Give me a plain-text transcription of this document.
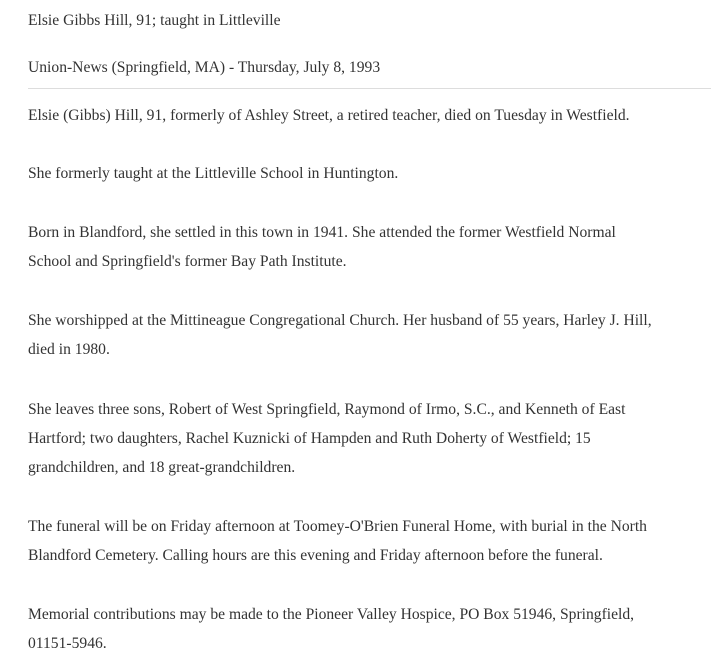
Elsie Gibbs Hill, 91; taught in Littleville
Union-News (Springfield, MA) - Thursday, July 8, 1993

Elsie (Gibbs) Hill, 91, formerly of Ashley Street, a retired teacher, died on Tuesday in Westfield.

She formerly taught at the Littleville School in Huntington.

Born in Blandford, she settled in this town in 1941. She attended the former Westfield Normal
School and Springfield's former Bay Path Institute.

She worshipped at the Mittineague Congregational Church. Her husband of 55 years, Harley J. Hill,
died in 1980.

She leaves three sons, Robert of West Springfield, Raymond of Irmo, S.C., and Kenneth of East
Hartford; two daughters, Rachel Kuznicki of Hampden and Ruth Doherty of Westfield; 15
grandchildren, and 18 great-grandchildren.

The funeral will be on Friday afternoon at Toomey-O'Brien Funeral Home, with burial in the North
Blandford Cemetery. Calling hours are this evening and Friday afternoon before the funeral.

Memorial contributions may be made to the Pioneer Valley Hospice, PO Box 51946, Springfield,
01151-5946.
